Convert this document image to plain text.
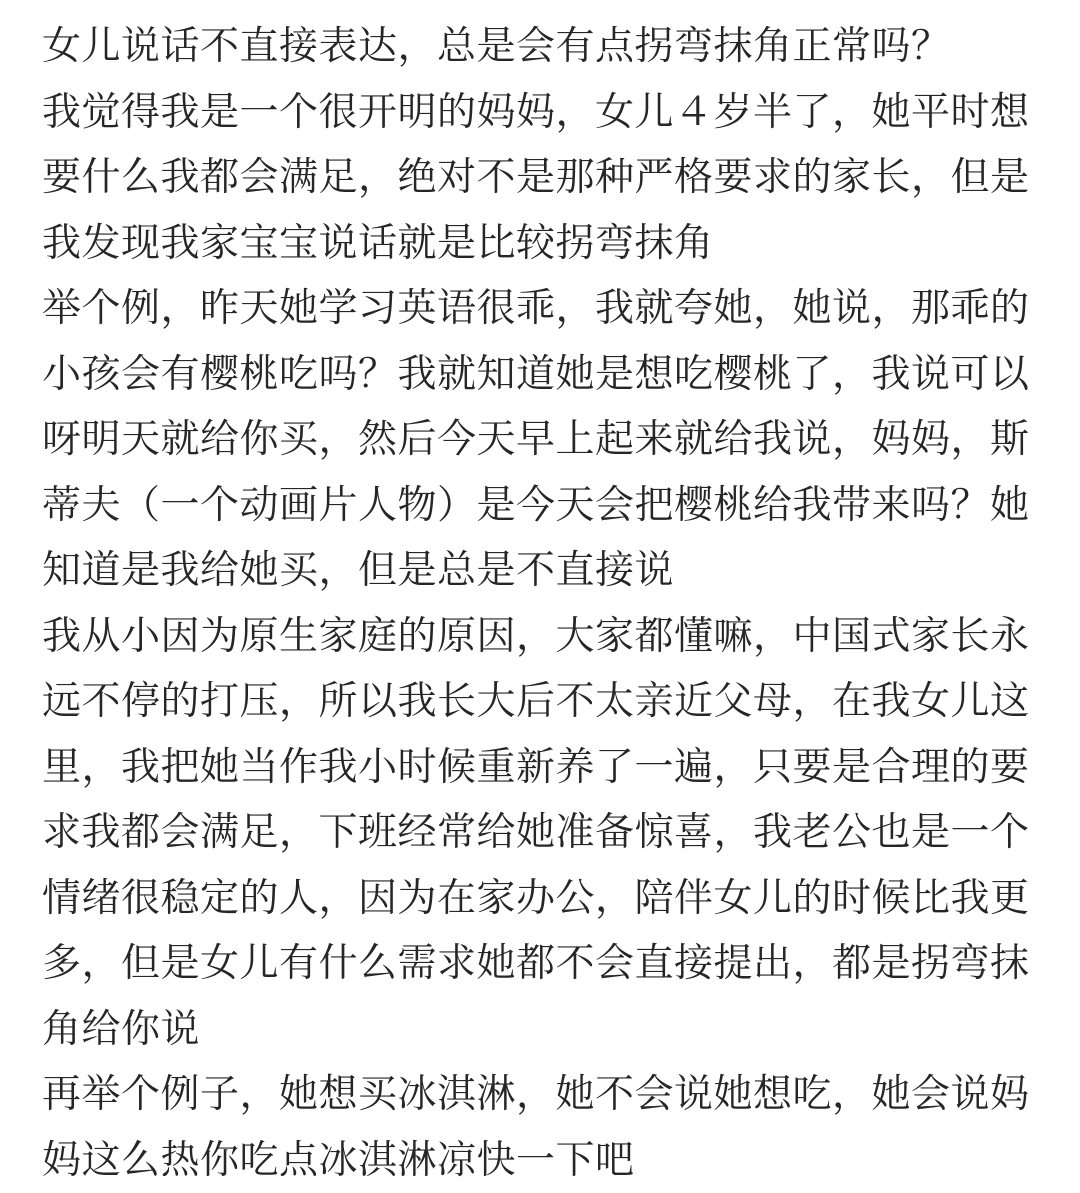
女儿说话不直接表达，总是会有点拐弯抹角正常吗？
我觉得我是一个很开明的妈妈，女儿４岁半了，她平时想
要什么我都会满足，绝对不是那种严格要求的家长，但是
我发现我家宝宝说话就是比较拐弯抹角
举个例，昨天她学习英语很乖，我就夸她，她说，那乖的
小孩会有樱桃吃吗？我就知道她是想吃樱桃了，我说可以
呀明天就给你买，然后今天早上起来就给我说，妈妈，斯
蒂夫（一个动画片人物）是今天会把樱桃给我带来吗？她
知道是我给她买，但是总是不直接说
我从小因为原生家庭的原因，大家都懂嘛，中国式家长永
远不停的打压，所以我长大后不太亲近父母，在我女儿这
里，我把她当作我小时候重新养了一遍，只要是合理的要
求我都会满足，下班经常给她准备惊喜，我老公也是一个
情绪很稳定的人，因为在家办公，陪伴女儿的时候比我更
多，但是女儿有什么需求她都不会直接提出，都是拐弯抹
角给你说
再举个例子，她想买冰淇淋，她不会说她想吃，她会说妈
妈这么热你吃点冰淇淋凉快一下吧
